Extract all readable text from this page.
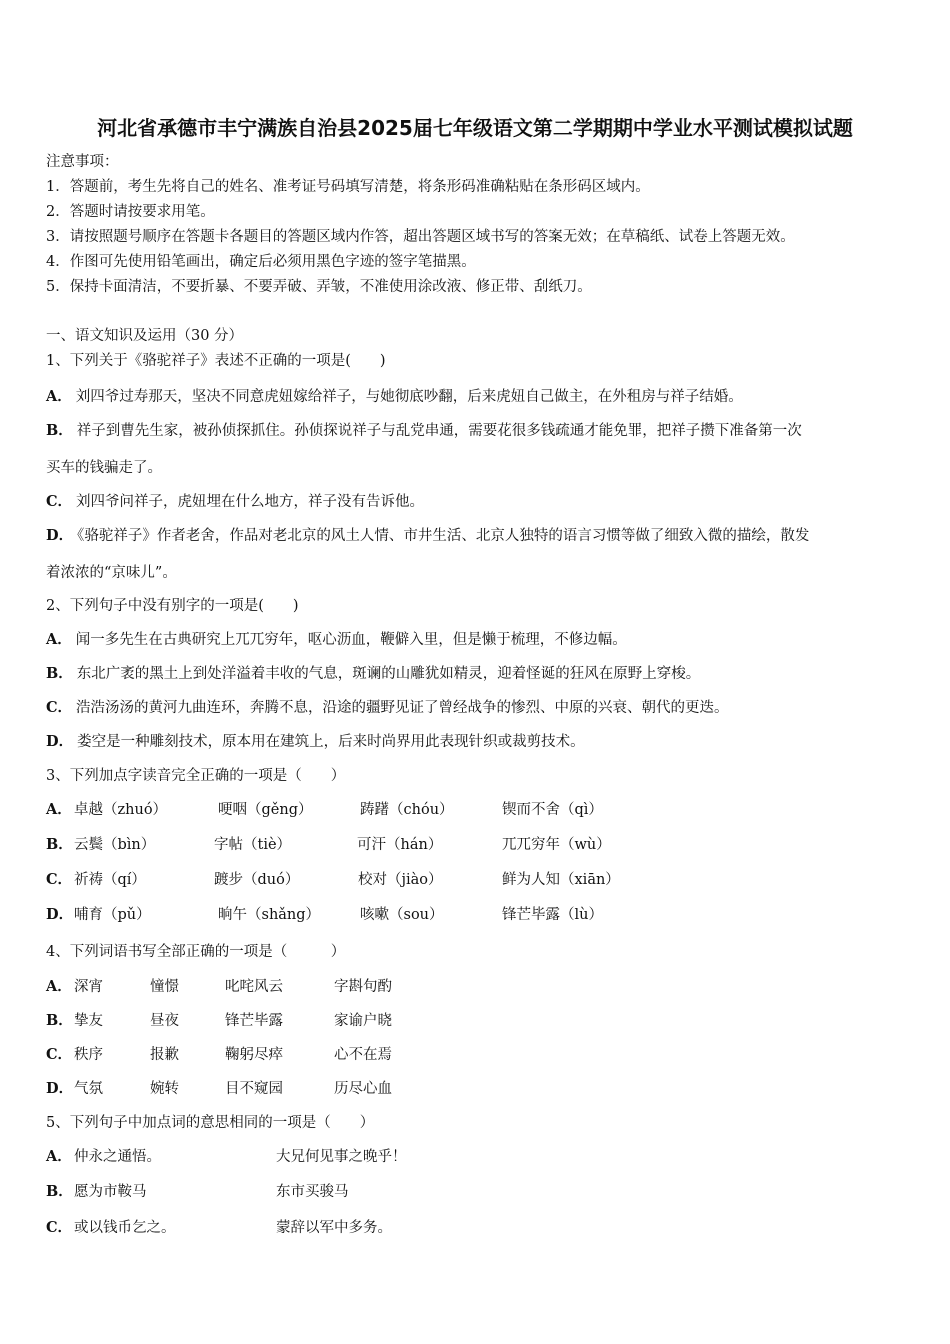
河北省承德市丰宁满族自治县2025届七年级语文第二学期期中学业水平测试模拟试题
注意事项：
1．答题前，考生先将自己的姓名、准考证号码填写清楚，将条形码准确粘贴在条形码区域内。
2．答题时请按要求用笔。
3．请按照题号顺序在答题卡各题目的答题区域内作答，超出答题区域书写的答案无效；在草稿纸、试卷上答题无效。
4．作图可先使用铅笔画出，确定后必须用黑色字迹的签字笔描黑。
5．保持卡面清洁，不要折暴、不要弄破、弄皱，不准使用涂改液、修正带、刮纸刀。
一、语文知识及运用（30 分）
1、下列关于《骆驼祥子》表述不正确的一项是(　　)
A． 刘四爷过寿那天，坚决不同意虎妞嫁给祥子，与她彻底吵翻，后来虎妞自己做主，在外租房与祥子结婚。
B． 祥子到曹先生家，被孙侦探抓住。孙侦探说祥子与乱党串通，需要花很多钱疏通才能免罪，把祥子攒下准备第一次
买车的钱骗走了。
C． 刘四爷问祥子，虎妞埋在什么地方，祥子没有告诉他。
D． 《骆驼祥子》作者老舍，作品对老北京的风土人情、市井生活、北京人独特的语言习惯等做了细致入微的描绘，散发
着浓浓的“京味儿”。
2、下列句子中没有别字的一项是(　　)
A． 闻一多先生在古典研究上兀兀穷年，呕心沥血，鞭僻入里，但是懒于梳理，不修边幅。
B． 东北广袤的黑土上到处洋溢着丰收的气息，斑谰的山雕犹如精灵，迎着怪诞的狂风在原野上穿梭。
C． 浩浩汤汤的黄河九曲连环，奔腾不息，沿途的疆野见证了曾经战争的惨烈、中原的兴衰、朝代的更迭。
D． 娄空是一种雕刻技术，原本用在建筑上，后来时尚界用此表现针织或裁剪技术。
3、下列加点字读音完全正确的一项是（　　）
A． 卓越（zhuó）	哽咽（gěng）	踌躇（chóu）	锲而不舍（qì）
B． 云鬓（bìn）	字帖（tiè）	可汗（hán）	兀兀穷年（wù）
C． 祈祷（qí）	踱步（duó）	校对（jiào）	鲜为人知（xiān）
D． 哺育（pǔ）	晌午（shǎng）	咳嗽（sou）	锋芒毕露（lù）
4、下列词语书写全部正确的一项是（　　　）
A． 深宵	憧憬	叱咤风云	字斟句酌
B． 挚友	昼夜	锋芒毕露	家谕户晓
C． 秩序	报歉	鞠躬尽瘁	心不在焉
D． 气氛	婉转	目不窥园	历尽心血
5、下列句子中加点词的意思相同的一项是（　　）
A． 仲永之通悟。	大兄何见事之晚乎！
B． 愿为市鞍马	东市买骏马
C． 或以钱币乞之。	蒙辞以军中多务。
